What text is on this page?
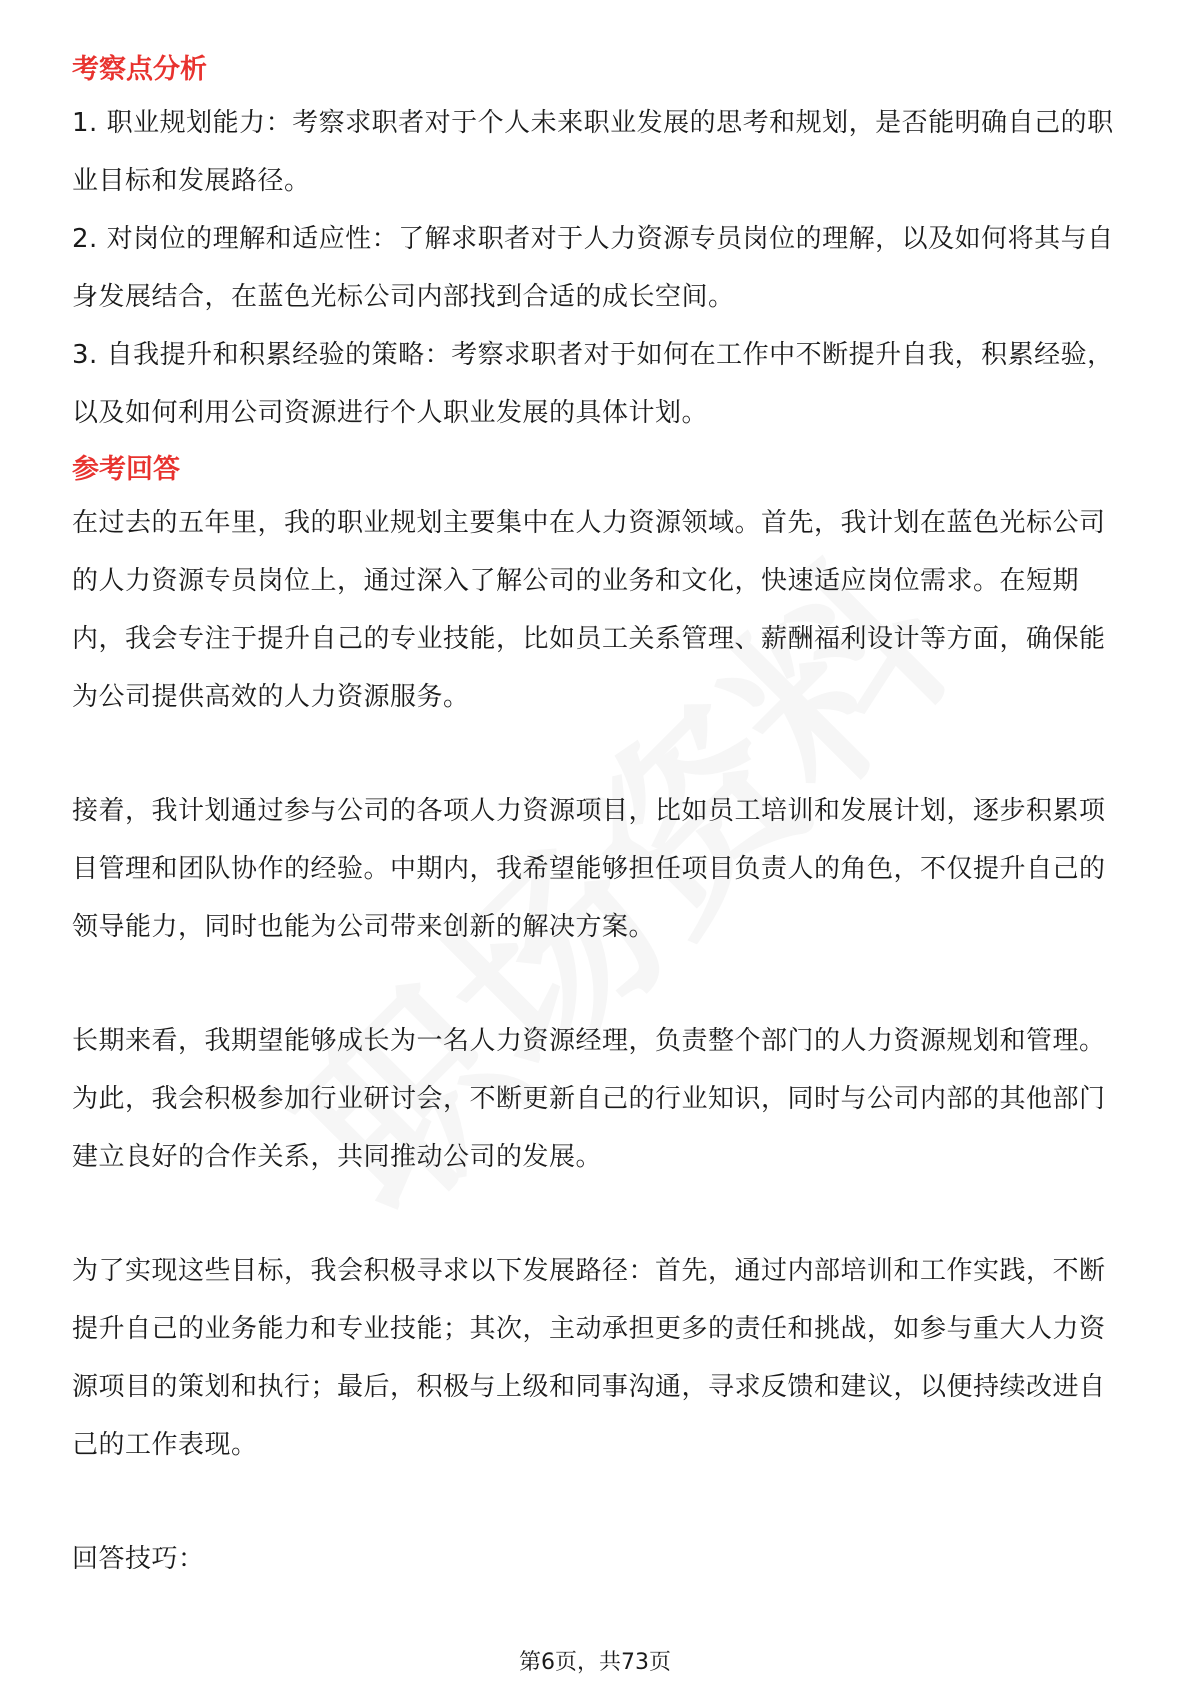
考察点分析

1. 职业规划能力：考察求职者对于个人未来职业发展的思考和规划，是否能明确自己的职业目标和发展路径。

2. 对岗位的理解和适应性：了解求职者对于人力资源专员岗位的理解，以及如何将其与自身发展结合，在蓝色光标公司内部找到合适的成长空间。

3. 自我提升和积累经验的策略：考察求职者对于如何在工作中不断提升自我，积累经验，以及如何利用公司资源进行个人职业发展的具体计划。

参考回答

在过去的五年里，我的职业规划主要集中在人力资源领域。首先，我计划在蓝色光标公司的人力资源专员岗位上，通过深入了解公司的业务和文化，快速适应岗位需求。在短期内，我会专注于提升自己的专业技能，比如员工关系管理、薪酬福利设计等方面，确保能为公司提供高效的人力资源服务。

接着，我计划通过参与公司的各项人力资源项目，比如员工培训和发展计划，逐步积累项目管理和团队协作的经验。中期内，我希望能够担任项目负责人的角色，不仅提升自己的领导能力，同时也能为公司带来创新的解决方案。

长期来看，我期望能够成长为一名人力资源经理，负责整个部门的人力资源规划和管理。为此，我会积极参加行业研讨会，不断更新自己的行业知识，同时与公司内部的其他部门建立良好的合作关系，共同推动公司的发展。

为了实现这些目标，我会积极寻求以下发展路径：首先，通过内部培训和工作实践，不断提升自己的业务能力和专业技能；其次，主动承担更多的责任和挑战，如参与重大人力资源项目的策划和执行；最后，积极与上级和同事沟通，寻求反馈和建议，以便持续改进自己的工作表现。

回答技巧：

第6页，共73页
